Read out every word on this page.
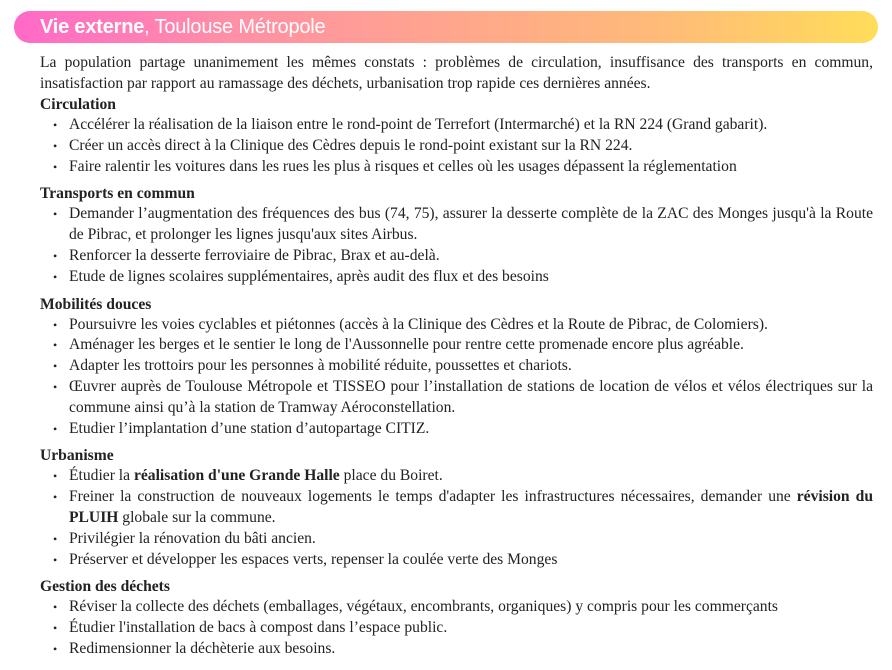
Vie externe, Toulouse Métropole

La population partage unanimement les mêmes constats : problèmes de circulation, insuffisance des transports en commun, insatisfaction par rapport au ramassage des déchets, urbanisation trop rapide ces dernières années.

Circulation
• Accélérer la réalisation de la liaison entre le rond-point de Terrefort (Intermarché) et la RN 224 (Grand gabarit).
• Créer un accès direct à la Clinique des Cèdres depuis le rond-point existant sur la RN 224.
• Faire ralentir les voitures dans les rues les plus à risques et celles où les usages dépassent la réglementation
Transports en commun
• Demander l’augmentation des fréquences des bus (74, 75), assurer la desserte complète de la ZAC des Monges jusqu'à la Route de Pibrac, et prolonger les lignes jusqu'aux sites Airbus.
• Renforcer la desserte ferroviaire de Pibrac, Brax et au-delà.
• Etude de lignes scolaires supplémentaires, après audit des flux et des besoins
Mobilités douces
• Poursuivre les voies cyclables et piétonnes (accès à la Clinique des Cèdres et la Route de Pibrac, de Colomiers).
• Aménager les berges et le sentier le long de l'Aussonnelle pour rentre cette promenade encore plus agréable.
• Adapter les trottoirs pour les personnes à mobilité réduite, poussettes et chariots.
• Œuvrer auprès de Toulouse Métropole et TISSEO pour l’installation de stations de location de vélos et vélos électriques sur la commune ainsi qu’à la station de Tramway Aéroconstellation.
• Etudier l’implantation d’une station d’autopartage CITIZ.
Urbanisme
• Étudier la réalisation d'une Grande Halle place du Boiret.
• Freiner la construction de nouveaux logements le temps d'adapter les infrastructures nécessaires, demander une révision du PLUIH globale sur la commune.
• Privilégier la rénovation du bâti ancien.
• Préserver et développer les espaces verts, repenser la coulée verte des Monges
Gestion des déchets
• Réviser la collecte des déchets (emballages, végétaux, encombrants, organiques) y compris pour les commerçants
• Étudier l'installation de bacs à compost dans l’espace public.
• Redimensionner la déchèterie aux besoins.
